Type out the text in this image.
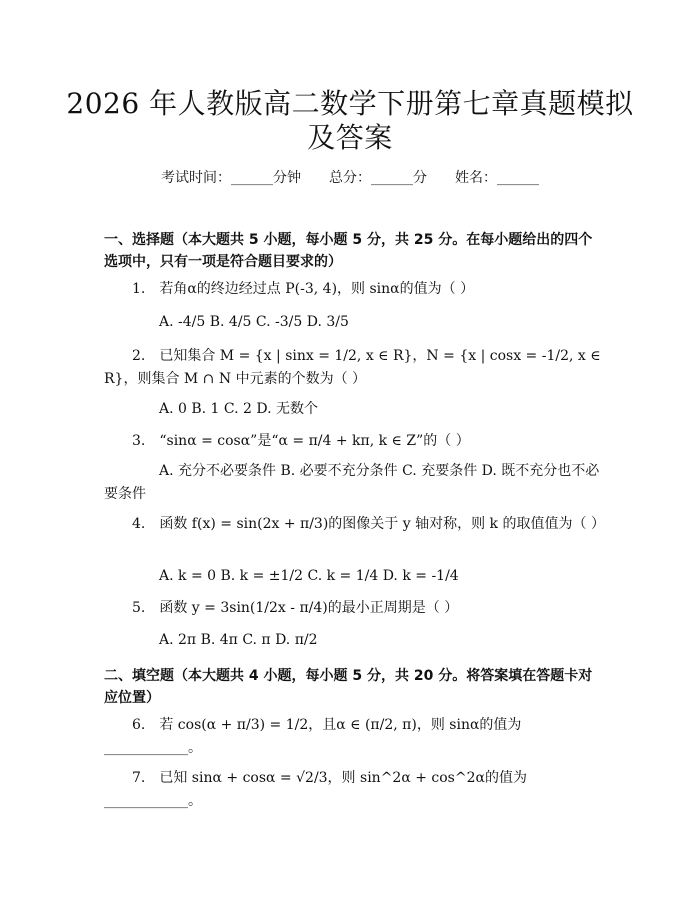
2026 年人教版高二数学下册第七章真题模拟
及答案
考试时间：______分钟　　总分：______分　　姓名：______
一、选择题（本大题共 5 小题，每小题 5 分，共 25 分。在每小题给出的四个选项中，只有一项是符合题目要求的）
1.　若角α的终边经过点 P(-3, 4)，则 sinα的值为（ ）
A. -4/5 B. 4/5 C. -3/5 D. 3/5
2.　已知集合 M = {x | sinx = 1/2, x ∈ R}，N = {x | cosx = -1/2, x ∈ R}，则集合 M ∩ N 中元素的个数为（ ）
A. 0 B. 1 C. 2 D. 无数个
3.　“sinα = cosα”是“α = π/4 + kπ, k ∈ Z”的（ ）
A. 充分不必要条件 B. 必要不充分条件 C. 充要条件 D. 既不充分也不必要条件
4.　函数 f(x) = sin(2x + π/3)的图像关于 y 轴对称，则 k 的取值值为（ ）
A. k = 0 B. k = ±1/2 C. k = 1/4 D. k = -1/4
5.　函数 y = 3sin(1/2x - π/4)的最小正周期是（ ）
A. 2π B. 4π C. π D. π/2
二、填空题（本大题共 4 小题，每小题 5 分，共 20 分。将答案填在答题卡对应位置）
6.　若 cos(α + π/3) = 1/2，且α ∈ (π/2, π)，则 sinα的值为____________。
7.　已知 sinα + cosα = √2/3，则 sin^2α + cos^2α的值为____________。
